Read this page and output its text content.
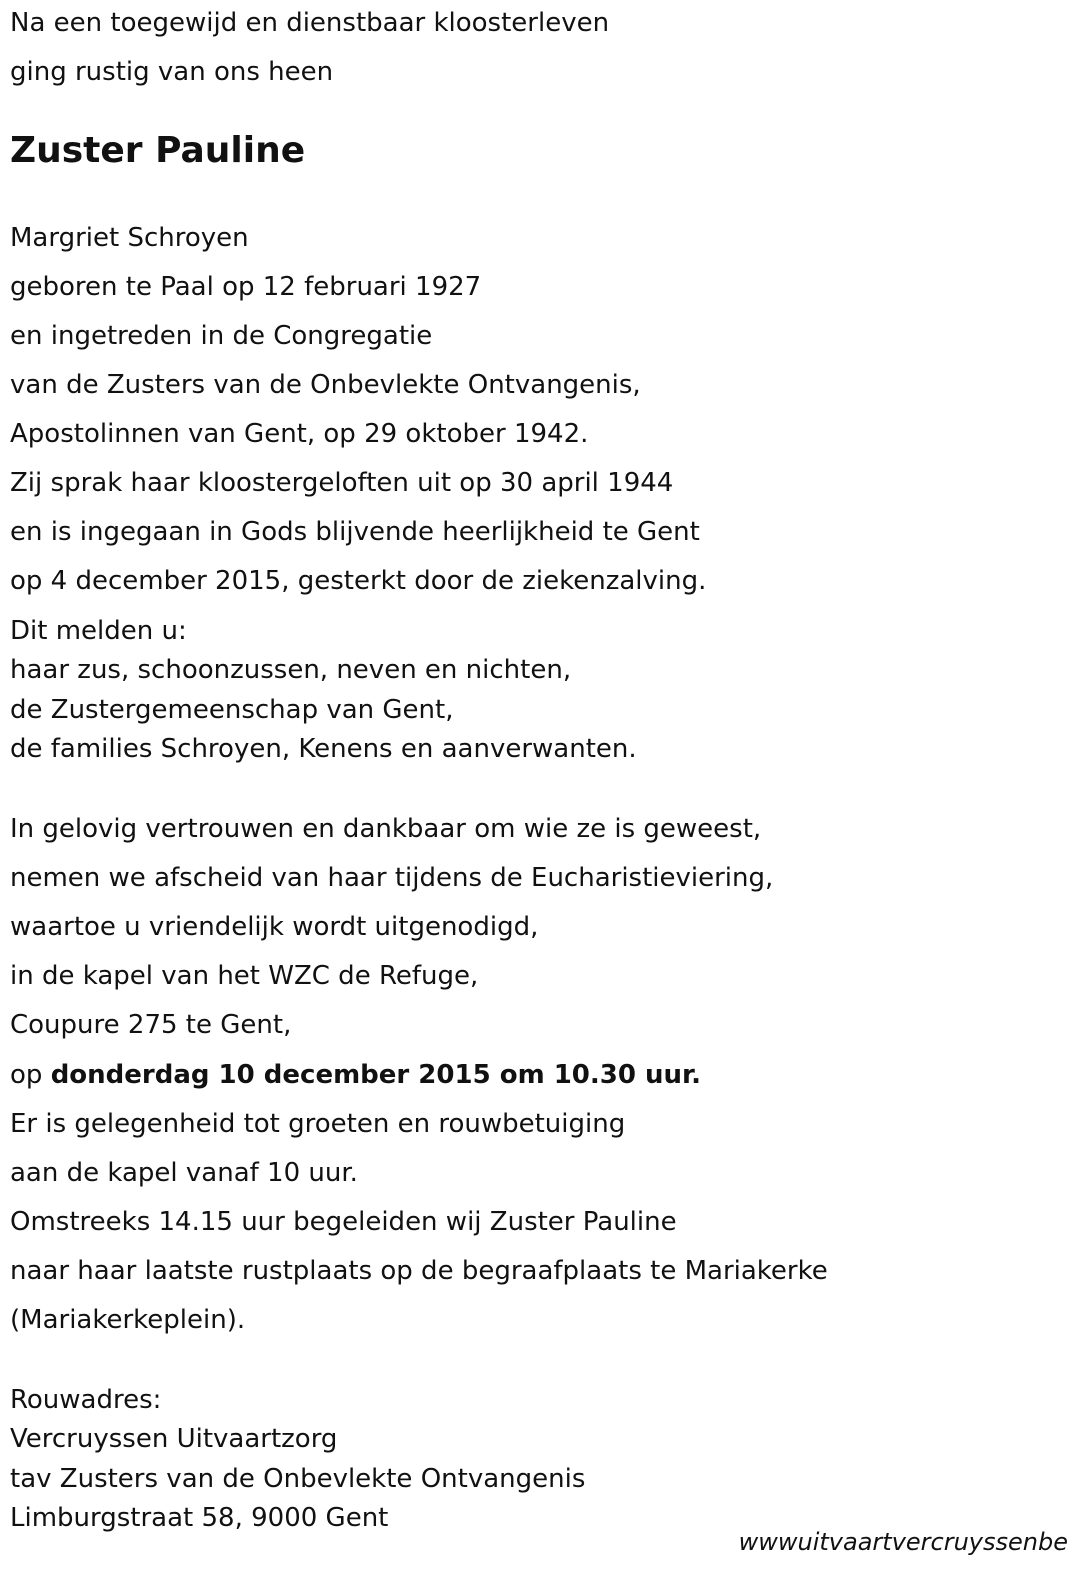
Na een toegewijd en dienstbaar kloosterleven

ging rustig van ons heen

Zuster Pauline

Margriet Schroyen

geboren te Paal op 12 februari 1927

en ingetreden in de Congregatie

van de Zusters van de Onbevlekte Ontvangenis,

Apostolinnen van Gent, op 29 oktober 1942.

Zij sprak haar kloostergeloften uit op 30 april 1944

en is ingegaan in Gods blijvende heerlijkheid te Gent

op 4 december 2015, gesterkt door de ziekenzalving.

Dit melden u:

haar zus, schoonzussen, neven en nichten,

de Zustergemeenschap van Gent,

de families Schroyen, Kenens en aanverwanten.

In gelovig vertrouwen en dankbaar om wie ze is geweest,

nemen we afscheid van haar tijdens de Eucharistieviering,

waartoe u vriendelijk wordt uitgenodigd,

in de kapel van het WZC de Refuge,

Coupure 275 te Gent,

op donderdag 10 december 2015 om 10.30 uur.

Er is gelegenheid tot groeten en rouwbetuiging

aan de kapel vanaf 10 uur.

Omstreeks 14.15 uur begeleiden wij Zuster Pauline

naar haar laatste rustplaats op de begraafplaats te Mariakerke

(Mariakerkeplein).

Rouwadres:

Vercruyssen Uitvaartzorg

tav Zusters van de Onbevlekte Ontvangenis

Limburgstraat 58, 9000 Gent

wwwuitvaartvercruyssenbe
